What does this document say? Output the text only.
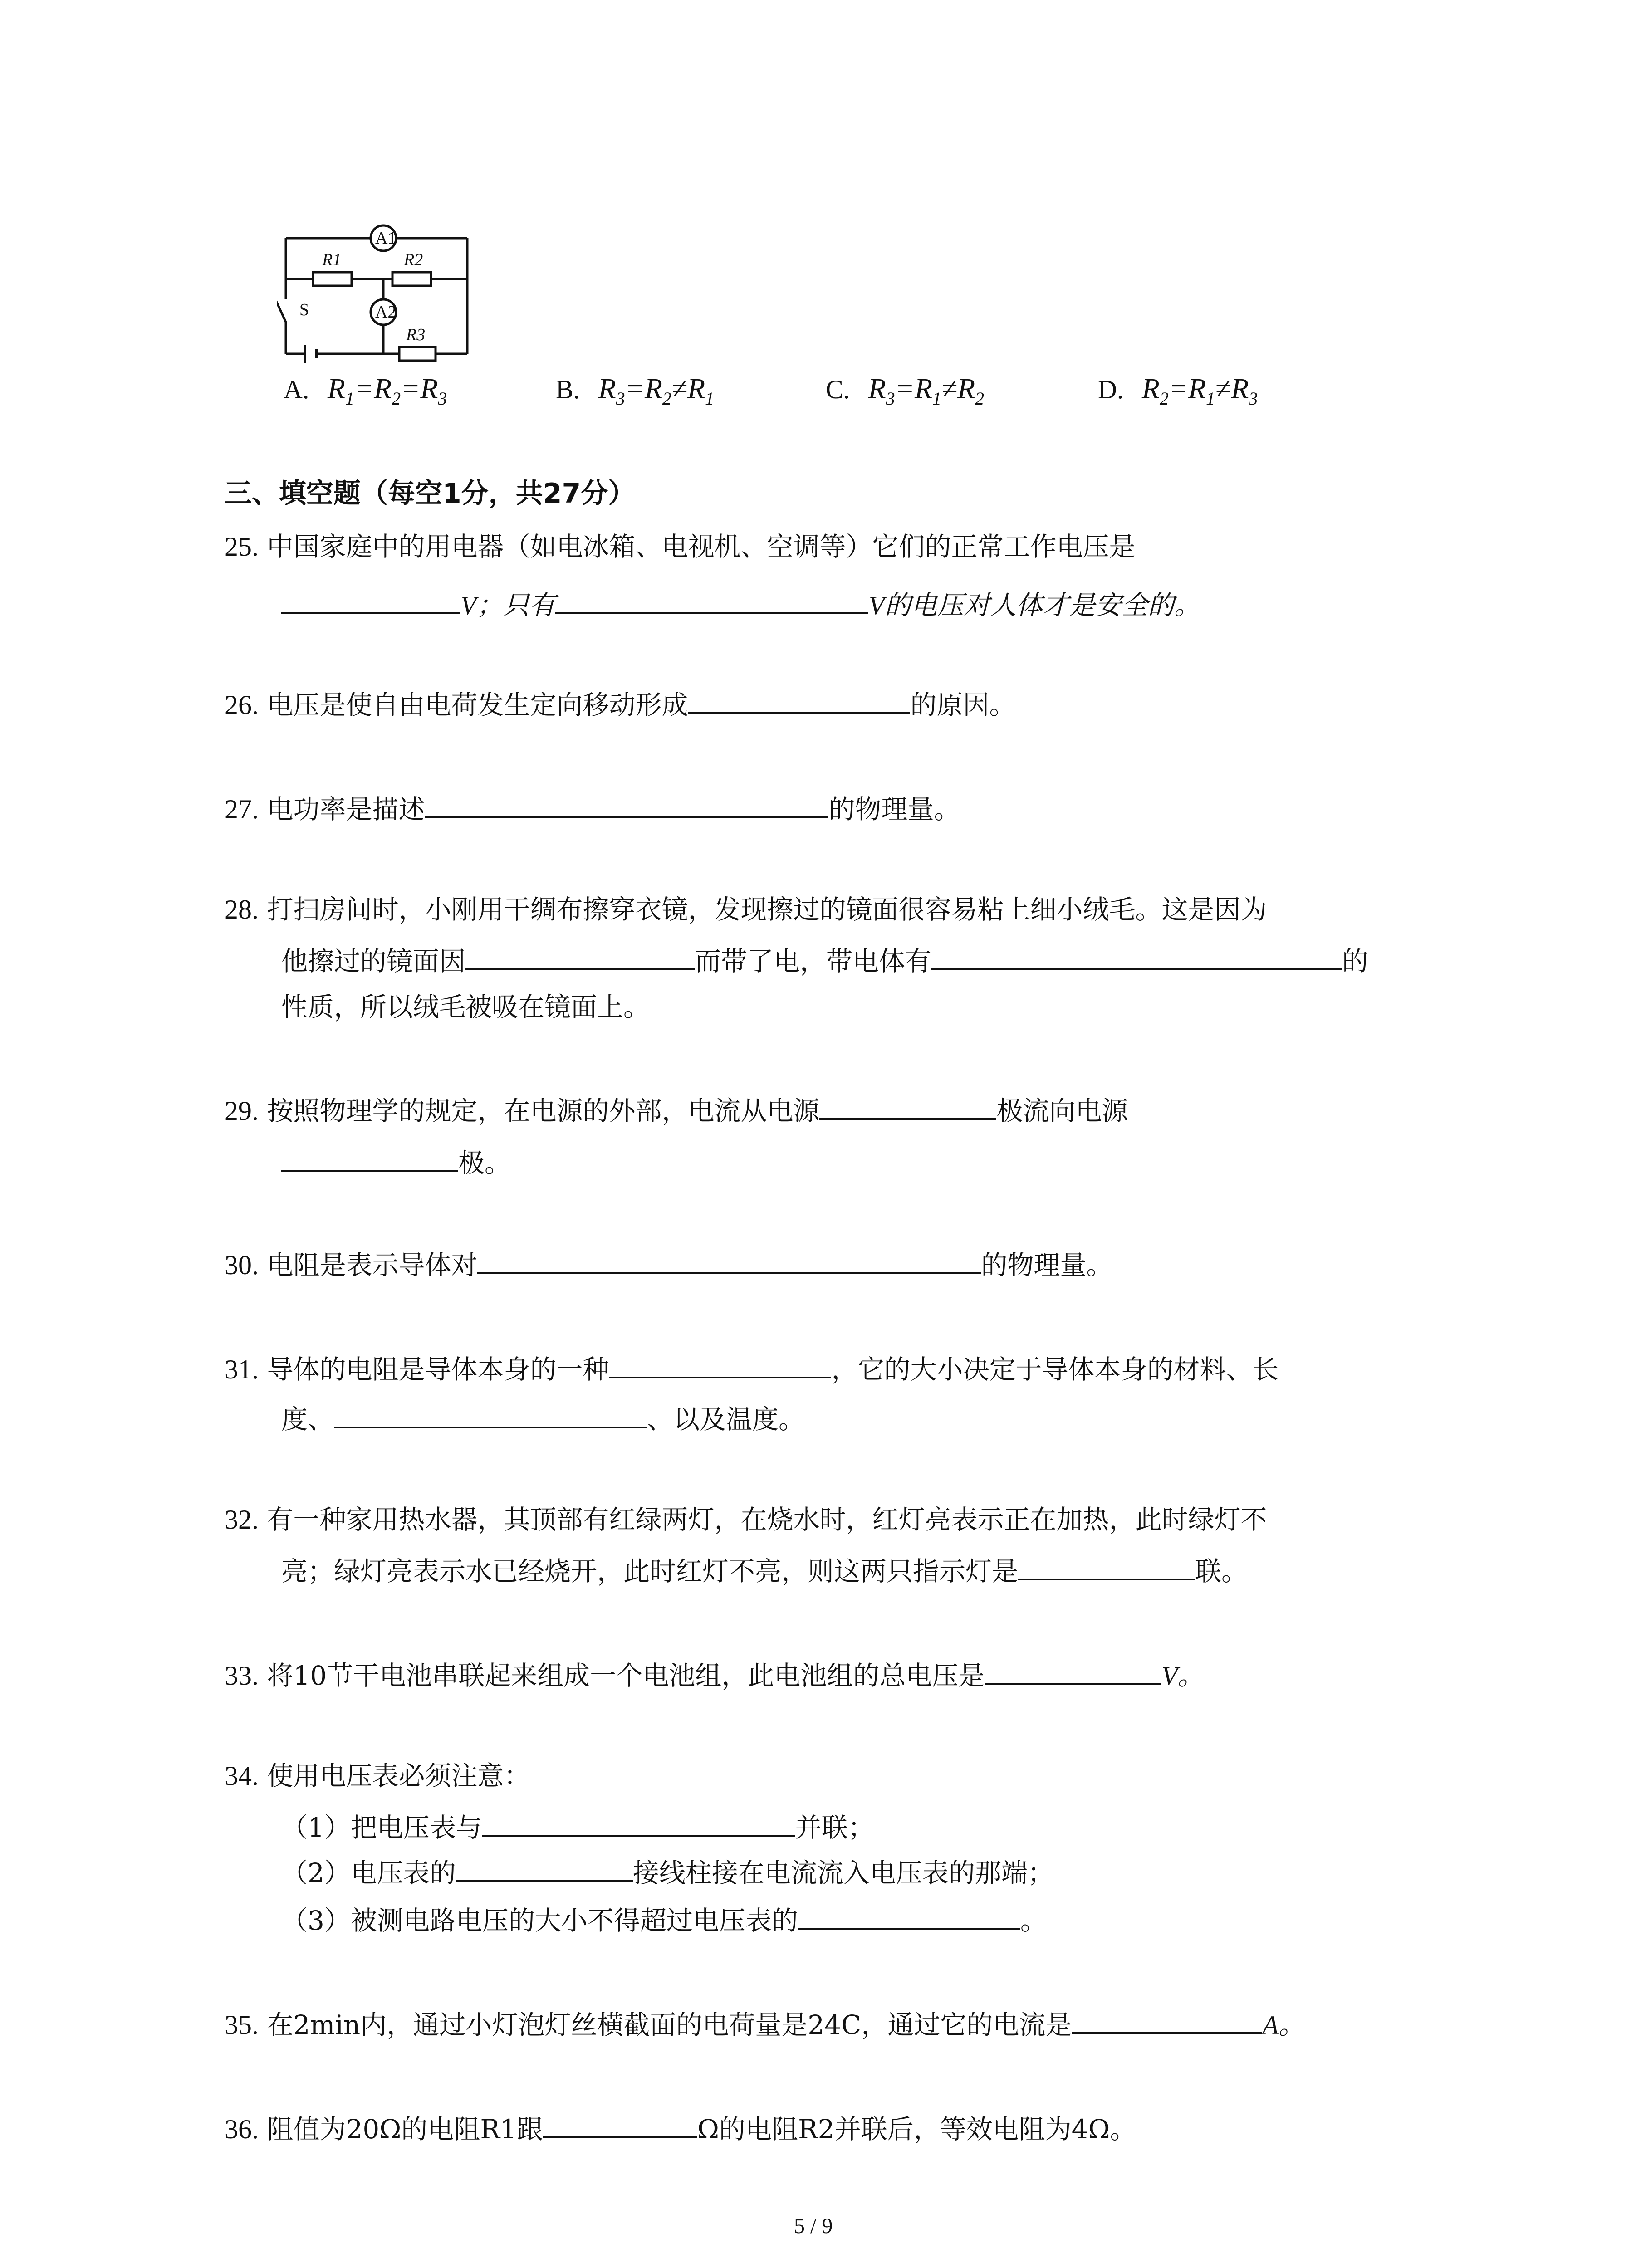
A1
A2
R1	R2
R3
S
A. $R_1=R_2=R_3$	B. $R_3=R_2\ne R_1$	C. $R_3=R_1\ne R_2$	D. $R_2=R_1\ne R_3$
三、填空题（每空1分，共27分）
25. 中国家庭中的用电器（如电冰箱、电视机、空调等）它们的正常工作电压是
V；只有	V的电压对人体才是安全的。
26. 电压是使自由电荷发生定向移动形成	的原因。
27. 电功率是描述	的物理量。
28. 打扫房间时，小刚用干绸布擦穿衣镜，发现擦过的镜面很容易粘上细小绒毛。这是因为
他擦过的镜面因	而带了电，带电体有	的
性质，所以绒毛被吸在镜面上。
29. 按照物理学的规定，在电源的外部，电流从电源	极流向电源
极。
30. 电阻是表示导体对	的物理量。
31. 导体的电阻是导体本身的一种	，它的大小决定于导体本身的材料、长
度、	、以及温度。
32. 有一种家用热水器，其顶部有红绿两灯，在烧水时，红灯亮表示正在加热，此时绿灯不
亮；绿灯亮表示水已经烧开，此时红灯不亮，则这两只指示灯是	联。
33. 将10节干电池串联起来组成一个电池组，此电池组的总电压是	V。
34. 使用电压表必须注意：
（1）把电压表与	并联；
（2）电压表的	接线柱接在电流流入电压表的那端；
（3）被测电路电压的大小不得超过电压表的	。
35. 在2min内，通过小灯泡灯丝横截面的电荷量是24C，通过它的电流是	A。
36. 阻值为20Ω的电阻R1跟	Ω的电阻R2并联后，等效电阻为4Ω。
5 / 9
